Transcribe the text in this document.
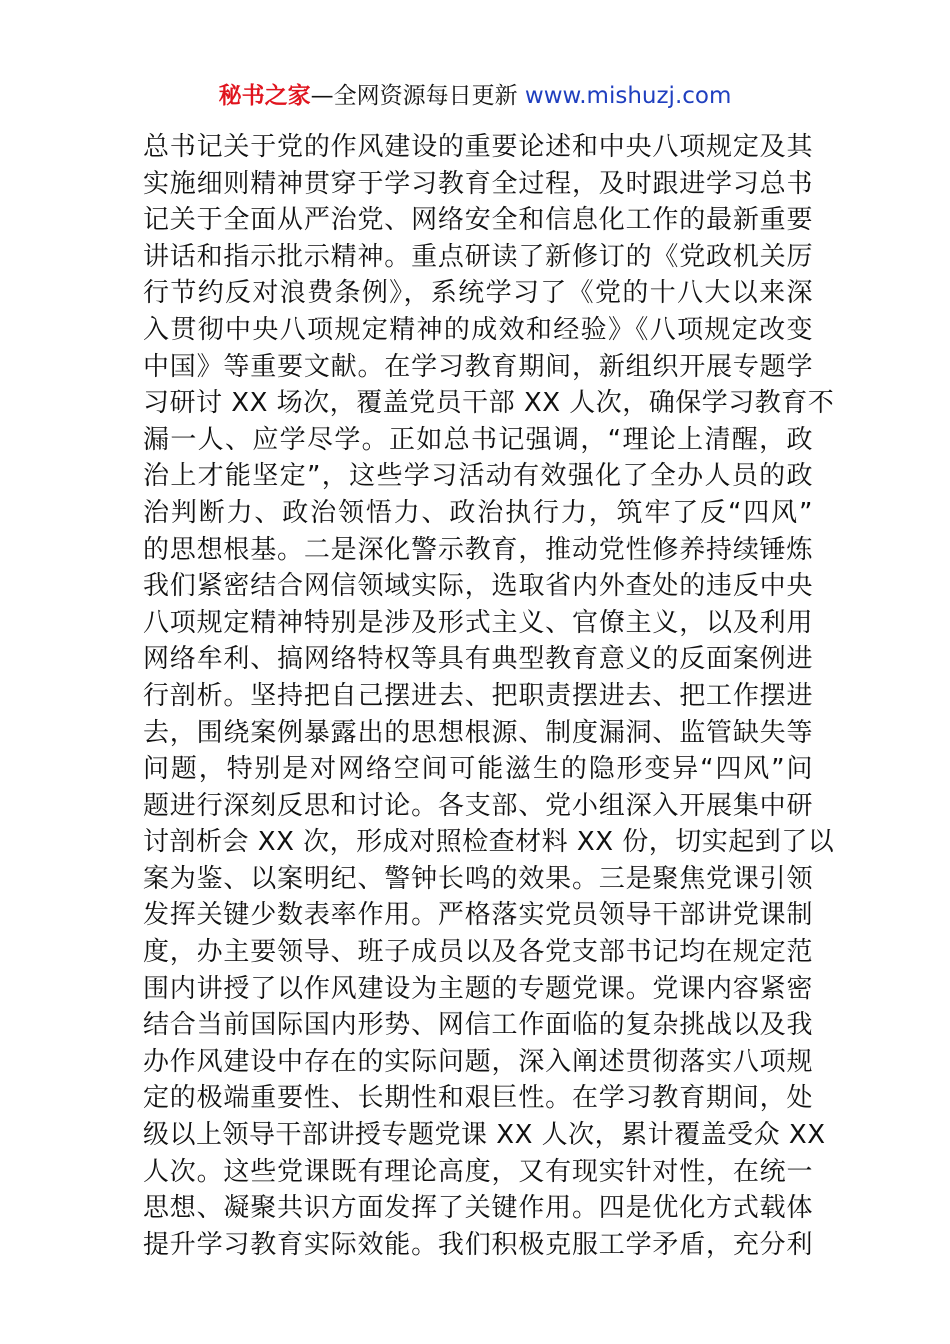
秘书之家—全网资源每日更新 www.mishuzj.com
总书记关于党的作风建设的重要论述和中央八项规定及其
实施细则精神贯穿于学习教育全过程，及时跟进学习总书
记关于全面从严治党、网络安全和信息化工作的最新重要
讲话和指示批示精神。重点研读了新修订的《党政机关厉
行节约反对浪费条例》，系统学习了《党的十八大以来深
入贯彻中央八项规定精神的成效和经验》《八项规定改变
中国》等重要文献。在学习教育期间，新组织开展专题学
习研讨 XX 场次，覆盖党员干部 XX 人次，确保学习教育不
漏一人、应学尽学。正如总书记强调，“理论上清醒，政
治上才能坚定”，这些学习活动有效强化了全办人员的政
治判断力、政治领悟力、政治执行力，筑牢了反“四风”
的思想根基。二是深化警示教育，推动党性修养持续锤炼
我们紧密结合网信领域实际，选取省内外查处的违反中央
八项规定精神特别是涉及形式主义、官僚主义，以及利用
网络牟利、搞网络特权等具有典型教育意义的反面案例进
行剖析。坚持把自己摆进去、把职责摆进去、把工作摆进
去，围绕案例暴露出的思想根源、制度漏洞、监管缺失等
问题，特别是对网络空间可能滋生的隐形变异“四风”问
题进行深刻反思和讨论。各支部、党小组深入开展集中研
讨剖析会 XX 次，形成对照检查材料 XX 份，切实起到了以
案为鉴、以案明纪、警钟长鸣的效果。三是聚焦党课引领
发挥关键少数表率作用。严格落实党员领导干部讲党课制
度，办主要领导、班子成员以及各党支部书记均在规定范
围内讲授了以作风建设为主题的专题党课。党课内容紧密
结合当前国际国内形势、网信工作面临的复杂挑战以及我
办作风建设中存在的实际问题，深入阐述贯彻落实八项规
定的极端重要性、长期性和艰巨性。在学习教育期间，处
级以上领导干部讲授专题党课 XX 人次，累计覆盖受众 XX
人次。这些党课既有理论高度，又有现实针对性，在统一
思想、凝聚共识方面发挥了关键作用。四是优化方式载体
提升学习教育实际效能。我们积极克服工学矛盾，充分利
